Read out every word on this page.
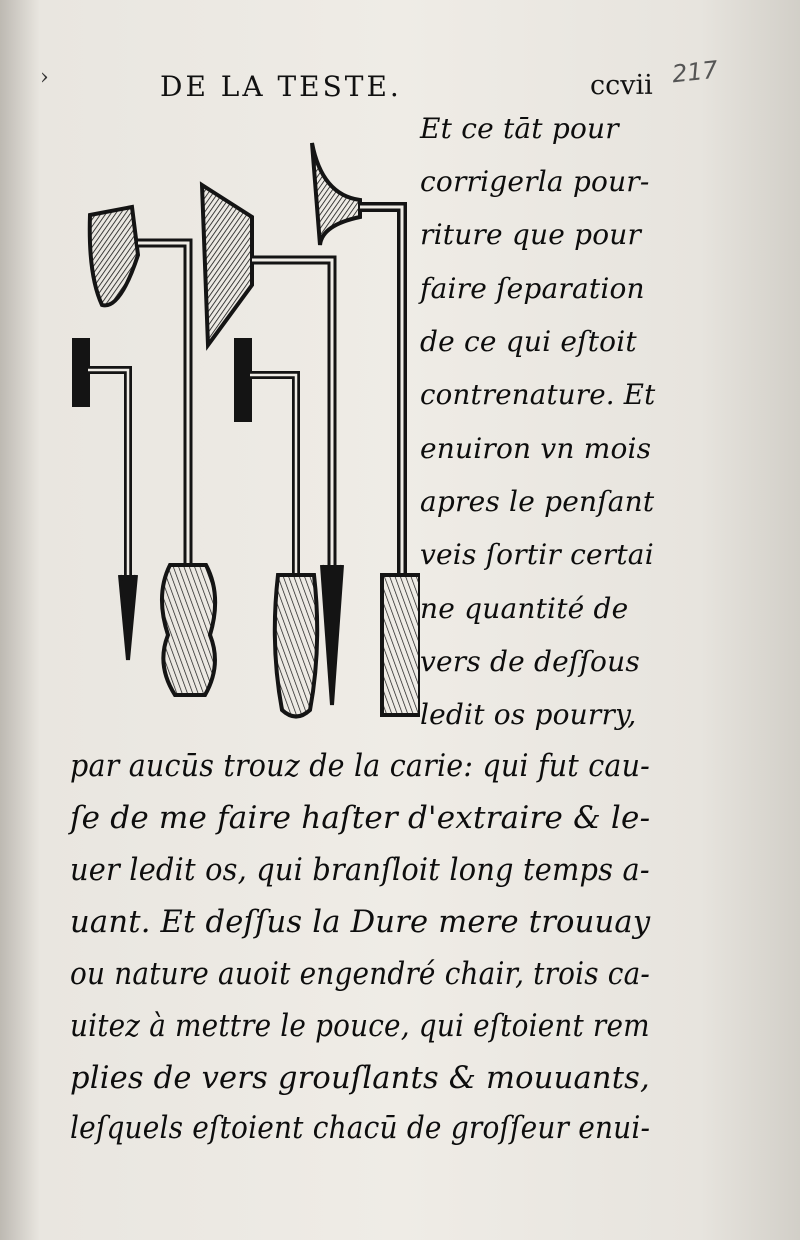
›	DE LA TESTE.	ccvii 217
Et ce tāt pour
corrigerla pour-
riture que pour
faire ſeparation
de ce qui eſtoit
contrenature. Et
enuiron vn mois
apres le penſant
veis ſortir certai
ne quantité de
vers de deſſous
ledit os pourry,
par aucūs trouz de la carie: qui fut cau-
ſe de me faire haſter d'extraire & le-
uer ledit os, qui branſloit long temps a-
uant. Et deſſus la Dure mere trouuay
ou nature auoit engendré chair, trois ca-
uitez à mettre le pouce, qui eſtoient rem
plies de vers grouſlants & mouuants,
leſquels eſtoient chacū de groſſeur enui-
